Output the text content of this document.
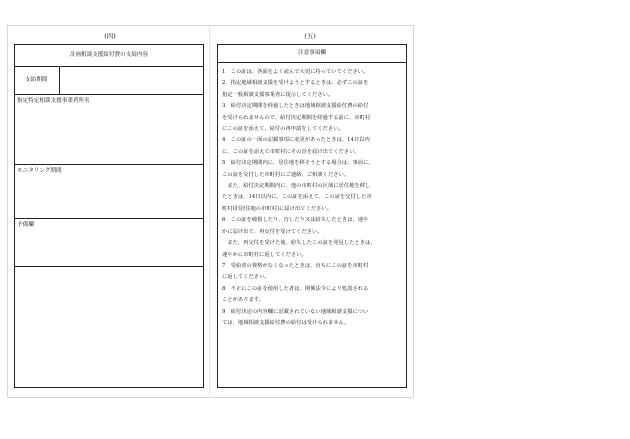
(四)	(五)
計画相談支援給付費の支給内容
支給期間
指定特定相談支援事業者所名
モニタリング期間
予備欄
注意事項欄
1　この証は、各面をよく読んで大切に持っていてください。
2　指定地域相談支援を受けようとするときは、必ずこの証を
指定一般相談支援事業者に提示してください。
3　給付決定期間を経過したときは地域相談支援給付費の給付
を受けられませんので、給付決定期間を経過する前に、市町村
にこの証を添えて、給付の再申請をしてください。
4　この証の一面の記載事項に変更があったときは、14日以内
に、この証を添えて市町村にその旨を届け出てください。
5　給付決定期間内に、居住地を移そうとする場合は、事前に、
この証を交付した市町村にご連絡、ご相談ください。
　また、給付決定期間内に、他の市町村の区域に居住地を移し
たときは、14日以内に、この証を添えて、この証を交付した市
町村(旧居住地の市町村)に届け出てください。
6　この証を破損したり、汚したり又は紛失したときは、速や
かに届け出て、再交付を受けてください。
　また、再交付を受けた後、紛失したこの証を発見したときは、
速やかに市町村に返してください。
7　受給者の資格がなくなったときは、直ちにこの証を市町村
に返してください。
8　不正にこの証を使用した者は、関係法令により処罰される
ことがあります。
9　給付決定の内容欄に記載されていない地域相談支援につい
ては、地域相談支援給付費の給付は受けられません。
